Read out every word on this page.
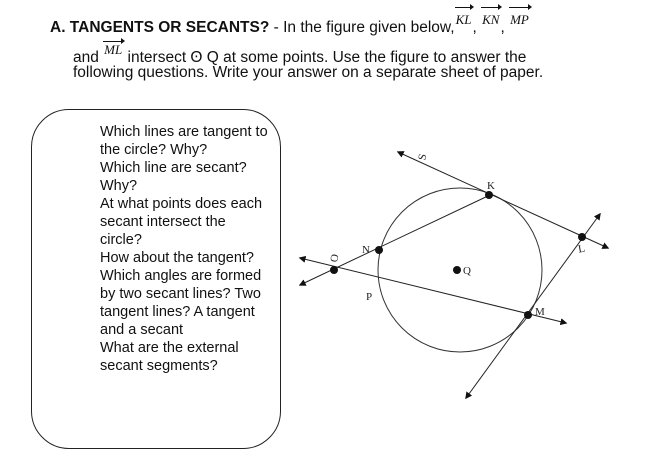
A. TANGENTS OR SECANTS? - In the figure given below,KL, KN, MP
and ML intersect ʘ Q at some points. Use the figure to answer the
following questions. Write your answer on a separate sheet of paper.
Which lines are tangent to the circle? Why?
Which line are secant? Why?
At what points does each secant intersect the circle?
How about the tangent?
Which angles are formed by two secant lines? Two tangent lines? A tangent and a secant
What are the external secant segments?
S
K
L
N
O
P
Q
M
